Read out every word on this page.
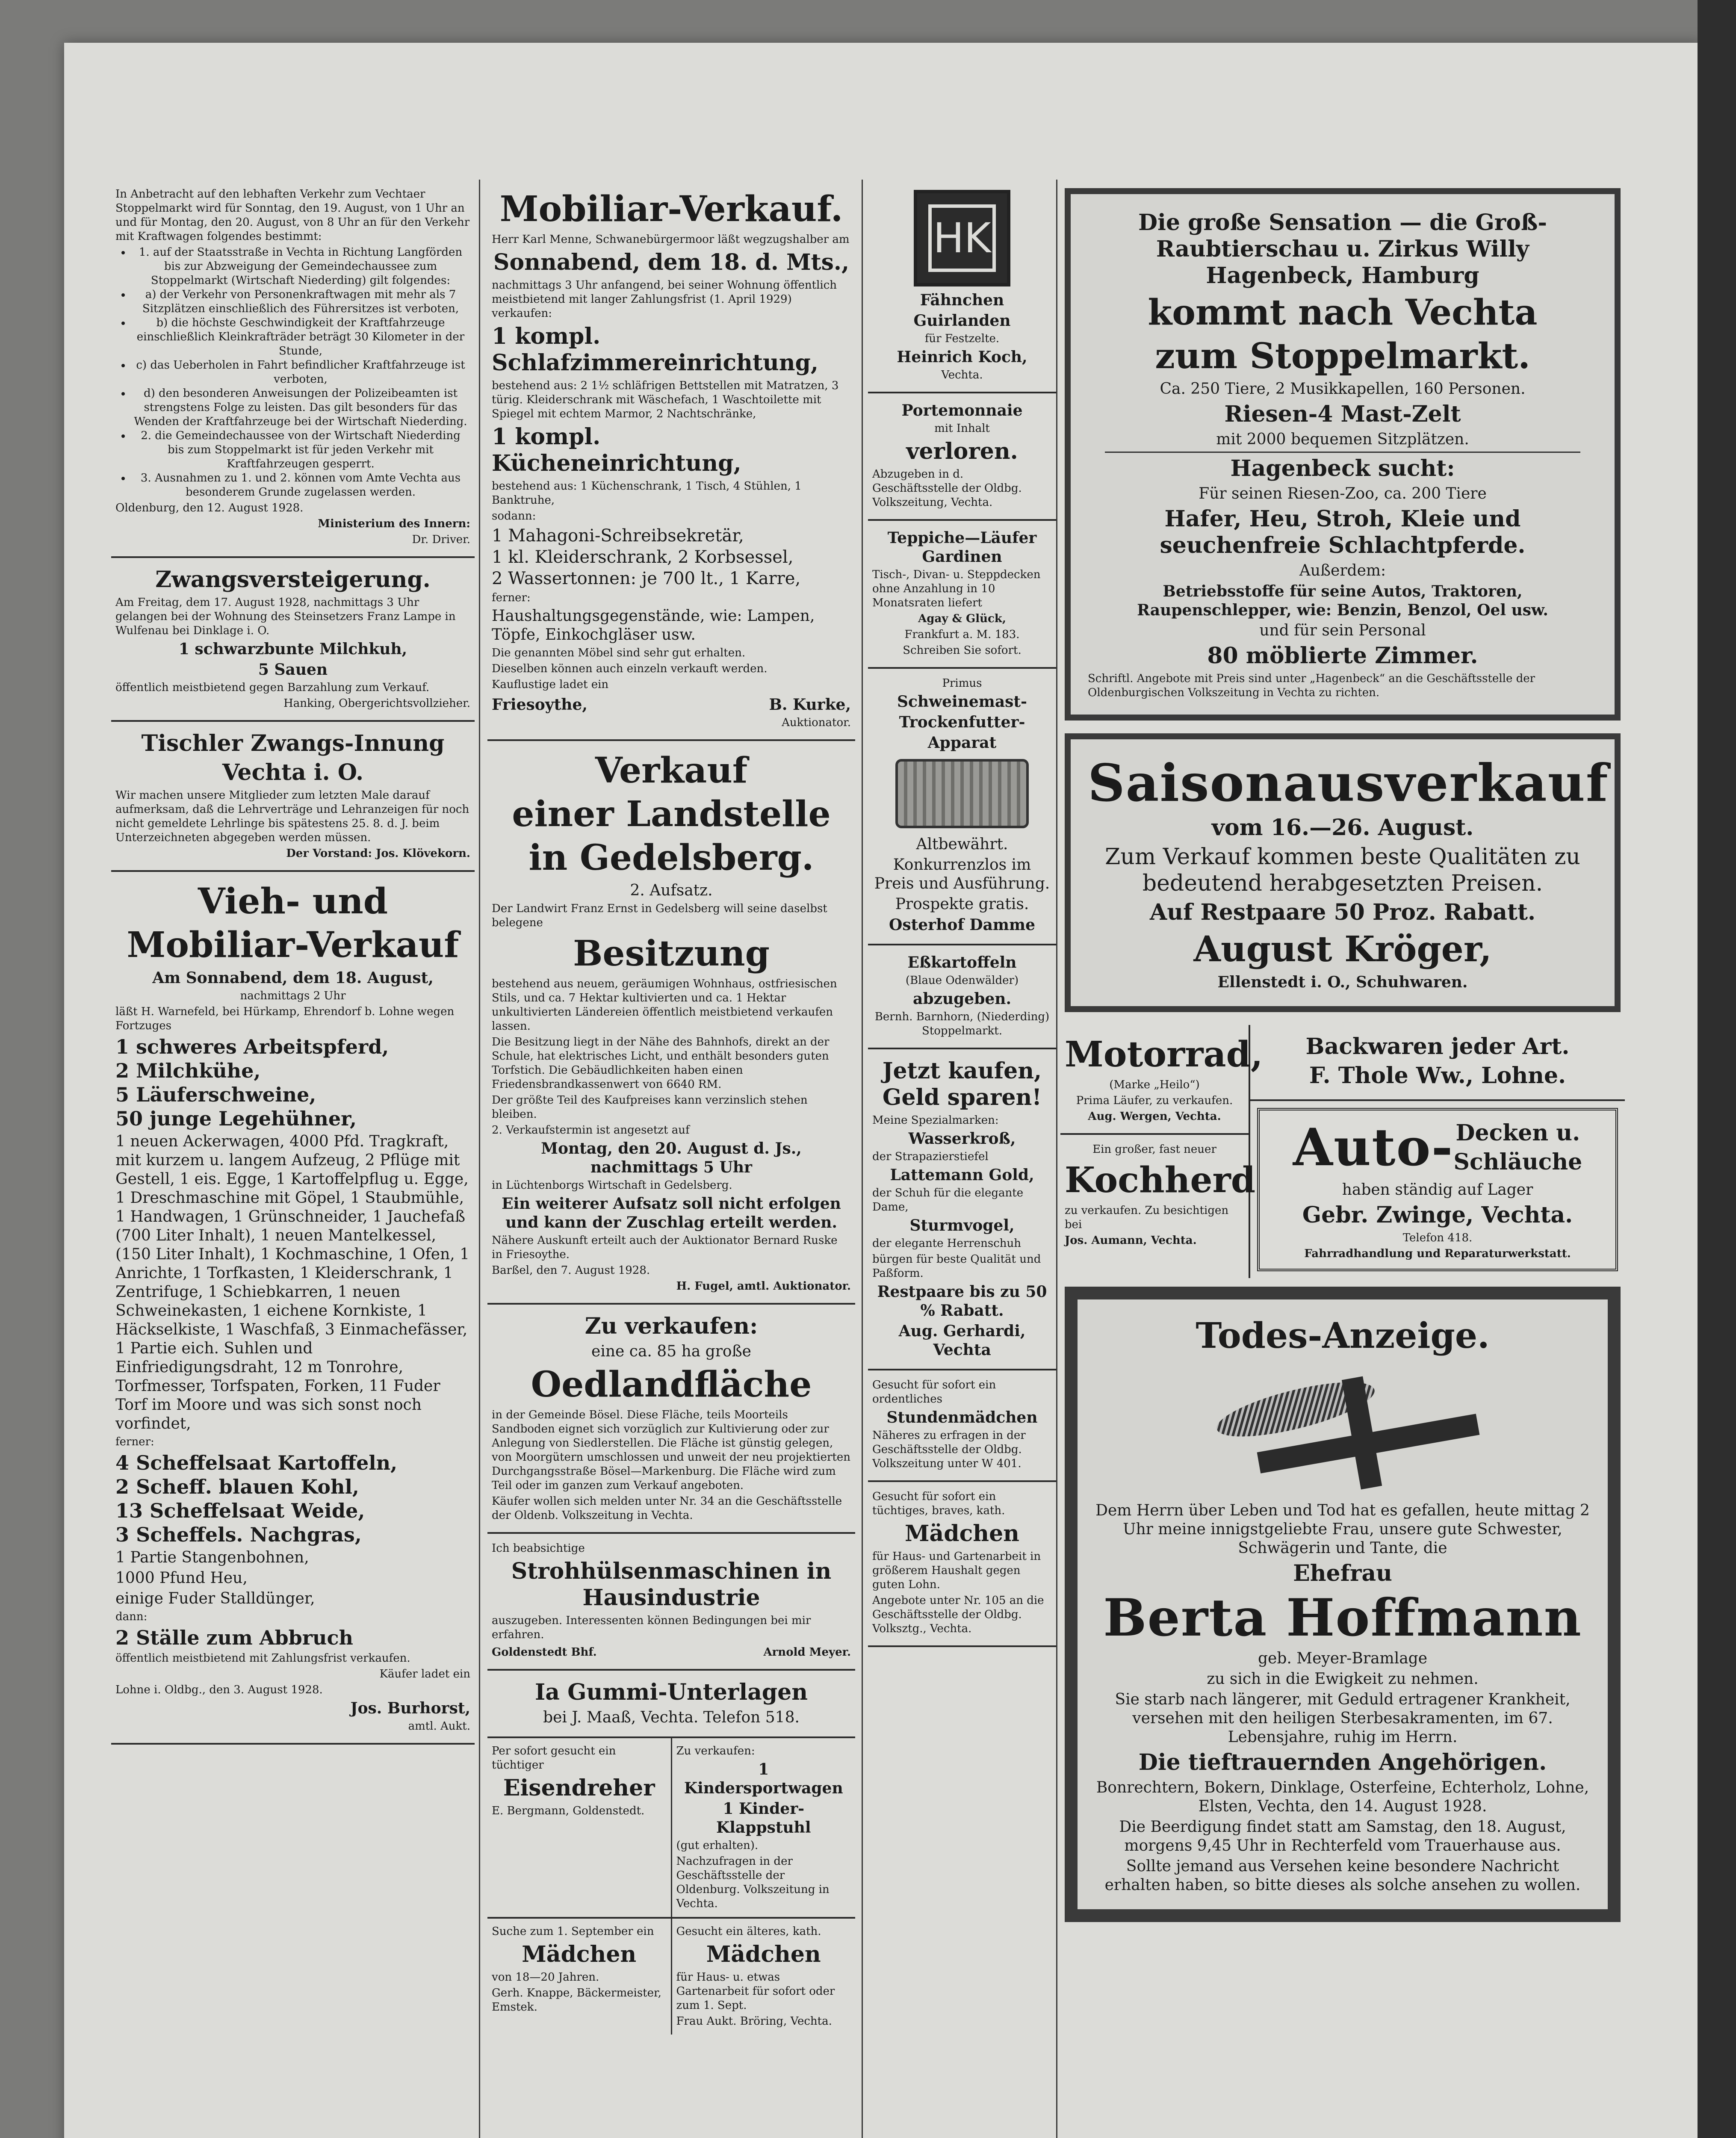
In Anbetracht auf den lebhaften Verkehr zum Vechtaer Stoppelmarkt wird für Sonntag, den 19. August, von 1 Uhr an und für Montag, den 20. August, von 8 Uhr an für den Verkehr mit Kraftwagen folgendes bestimmt:

• 1. auf der Staatsstraße in Vechta in Richtung Langförden bis zur Abzweigung der Gemeindechaussee zum Stoppelmarkt (Wirtschaft Niederding) gilt folgendes:
• a) der Verkehr von Personenkraftwagen mit mehr als 7 Sitzplätzen einschließlich des Führersitzes ist verboten,
• b) die höchste Geschwindigkeit der Kraftfahrzeuge einschließlich Kleinkrafträder beträgt 30 Kilometer in der Stunde,
• c) das Ueberholen in Fahrt befindlicher Kraftfahrzeuge ist verboten,
• d) den besonderen Anweisungen der Polizeibeamten ist strengstens Folge zu leisten. Das gilt besonders für das Wenden der Kraftfahrzeuge bei der Wirtschaft Niederding.
• 2. die Gemeindechaussee von der Wirtschaft Niederding bis zum Stoppelmarkt ist für jeden Verkehr mit Kraftfahrzeugen gesperrt.
• 3. Ausnahmen zu 1. und 2. können vom Amte Vechta aus besonderem Grunde zugelassen werden.

Oldenburg, den 12. August 1928.

Ministerium des Innern:

Dr. Driver.

Zwangsversteigerung.

Am Freitag, dem 17. August 1928, nachmittags 3 Uhr gelangen bei der Wohnung des Steinsetzers Franz Lampe in Wulfenau bei Dinklage i. O.

1 schwarzbunte Milchkuh,
5 Sauen

öffentlich meistbietend gegen Barzahlung zum Verkauf.

Hanking, Obergerichtsvollzieher.

Tischler Zwangs-Innung
Vechta i. O.

Wir machen unsere Mitglieder zum letzten Male darauf aufmerksam, daß die Lehrverträge und Lehranzeigen für noch nicht gemeldete Lehrlinge bis spätestens 25. 8. d. J. beim Unterzeichneten abgegeben werden müssen.

Der Vorstand: Jos. Klövekorn.

Vieh- und
Mobiliar-Verkauf
Am Sonnabend, dem 18. August,
nachmittags 2 Uhr

läßt H. Warnefeld, bei Hürkamp, Ehrendorf b. Lohne wegen Fortzuges

1 schweres Arbeitspferd,
2 Milchkühe,
5 Läuferschweine,
50 junge Legehühner,

1 neuen Ackerwagen, 4000 Pfd. Tragkraft, mit kurzem u. langem Aufzeug, 2 Pflüge mit Gestell, 1 eis. Egge, 1 Kartoffelpflug u. Egge, 1 Dreschmaschine mit Göpel, 1 Staubmühle, 1 Handwagen, 1 Grünschneider, 1 Jauchefaß (700 Liter Inhalt), 1 neuen Mantelkessel, (150 Liter Inhalt), 1 Kochmaschine, 1 Ofen, 1 Anrichte, 1 Torfkasten, 1 Kleiderschrank, 1 Zentrifuge, 1 Schiebkarren, 1 neuen Schweinekasten, 1 eichene Kornkiste, 1 Häckselkiste, 1 Waschfaß, 3 Einmachefässer, 1 Partie eich. Suhlen und Einfriedigungsdraht, 12 m Tonrohre, Torfmesser, Torfspaten, Forken, 11 Fuder Torf im Moore und was sich sonst noch vorfindet,

ferner:

4 Scheffelsaat Kartoffeln,
2 Scheff. blauen Kohl,
13 Scheffelsaat Weide,
3 Scheffels. Nachgras,
1 Partie Stangenbohnen,
1000 Pfund Heu,
einige Fuder Stalldünger,

dann:

2 Ställe zum Abbruch

öffentlich meistbietend mit Zahlungsfrist verkaufen.

Käufer ladet ein

Lohne i. Oldbg., den 3. August 1928.

Jos. Burhorst,
amtl. Aukt.
Mobiliar-Verkauf.

Herr Karl Menne, Schwanebürgermoor läßt wegzugshalber am

Sonnabend, dem 18. d. Mts.,

nachmittags 3 Uhr anfangend, bei seiner Wohnung öffentlich meistbietend mit langer Zahlungsfrist (1. April 1929) verkaufen:

1 kompl. Schlafzimmereinrichtung,

bestehend aus: 2 1½ schläfrigen Bettstellen mit Matratzen, 3 türig. Kleiderschrank mit Wäschefach, 1 Waschtoilette mit Spiegel mit echtem Marmor, 2 Nachtschränke,

1 kompl. Kücheneinrichtung,

bestehend aus: 1 Küchenschrank, 1 Tisch, 4 Stühlen, 1 Banktruhe,

sodann:

1 Mahagoni-Schreibsekretär,
1 kl. Kleiderschrank, 2 Korbsessel,
2 Wassertonnen: je 700 lt., 1 Karre,

ferner:

Haushaltungsgegenstände, wie: Lampen, Töpfe, Einkochgläser usw.

Die genannten Möbel sind sehr gut erhalten.

Dieselben können auch einzeln verkauft werden.

Kauflustige ladet ein

Friesoythe,	B. Kurke,
Auktionator.
Verkauf
einer Landstelle
in Gedelsberg.
2. Aufsatz.

Der Landwirt Franz Ernst in Gedelsberg will seine daselbst belegene

Besitzung

bestehend aus neuem, geräumigen Wohnhaus, ostfriesischen Stils, und ca. 7 Hektar kultivierten und ca. 1 Hektar unkultivierten Ländereien öffentlich meistbietend verkaufen lassen.

Die Besitzung liegt in der Nähe des Bahnhofs, direkt an der Schule, hat elektrisches Licht, und enthält besonders guten Torfstich. Die Gebäudlichkeiten haben einen Friedensbrandkassenwert von 6640 RM.

Der größte Teil des Kaufpreises kann verzinslich stehen bleiben.

2. Verkaufstermin ist angesetzt auf

Montag, den 20. August d. Js., nachmittags 5 Uhr

in Lüchtenborgs Wirtschaft in Gedelsberg.

Ein weiterer Aufsatz soll nicht erfolgen und kann der Zuschlag erteilt werden.

Nähere Auskunft erteilt auch der Auktionator Bernard Ruske in Friesoythe.

Barßel, den 7. August 1928.

H. Fugel, amtl. Auktionator.

Zu verkaufen:
eine ca. 85 ha große
Oedlandfläche

in der Gemeinde Bösel. Diese Fläche, teils Moorteils Sandboden eignet sich vorzüglich zur Kultivierung oder zur Anlegung von Siedlerstellen. Die Fläche ist günstig gelegen, von Moorgütern umschlossen und unweit der neu projektierten Durchgangsstraße Bösel—Markenburg. Die Fläche wird zum Teil oder im ganzen zum Verkauf angeboten.

Käufer wollen sich melden unter Nr. 34 an die Geschäftsstelle der Oldenb. Volkszeitung in Vechta.

Ich beabsichtige

Strohhülsenmaschinen in Hausindustrie

auszugeben. Interessenten können Bedingungen bei mir erfahren.

Goldenstedt Bhf.	Arnold Meyer.
Ia Gummi-Unterlagen
bei J. Maaß, Vechta. Telefon 518.

Per sofort gesucht ein tüchtiger

Eisendreher

E. Bergmann, Goldenstedt.

Zu verkaufen:

1 Kindersportwagen
1 Kinder-Klappstuhl
(gut erhalten).

Nachzufragen in der Geschäftsstelle der Oldenburg. Volkszeitung in Vechta.

Suche zum 1. September ein

Mädchen

von 18—20 Jahren.

Gerh. Knappe, Bäckermeister, Emstek.

Gesucht ein älteres, kath.

Mädchen

für Haus- u. etwas Gartenarbeit für sofort oder zum 1. Sept.

Frau Aukt. Bröring, Vechta.

HK
Fähnchen
Guirlanden
für Festzelte.
Heinrich Koch,
Vechta.
Portemonnaie
mit Inhalt
verloren.

Abzugeben in d. Geschäftsstelle der Oldbg. Volkszeitung, Vechta.

Teppiche—Läufer Gardinen

Tisch-, Divan- u. Steppdecken ohne Anzahlung in 10 Monatsraten liefert

Agay & Glück,
Frankfurt a. M. 183.
Schreiben Sie sofort.
Primus
Schweinemast-
Trockenfutter-
Apparat
Altbewährt.
Konkurrenzlos im Preis und Ausführung.
Prospekte gratis.
Osterhof Damme
Eßkartoffeln
(Blaue Odenwälder)
abzugeben.

Bernh. Barnhorn, (Niederding) Stoppelmarkt.

Jetzt kaufen, Geld sparen!

Meine Spezialmarken:

Wasserkroß,

der Strapazierstiefel

Lattemann Gold,

der Schuh für die elegante Dame,

Sturmvogel,

der elegante Herrenschuh

bürgen für beste Qualität und Paßform.

Restpaare bis zu 50 % Rabatt.
Aug. Gerhardi, Vechta

Gesucht für sofort ein ordentliches

Stundenmädchen

Näheres zu erfragen in der Geschäftsstelle der Oldbg. Volkszeitung unter W 401.

Gesucht für sofort ein tüchtiges, braves, kath.

Mädchen

für Haus- und Gartenarbeit in größerem Haushalt gegen guten Lohn.

Angebote unter Nr. 105 an die Geschäftsstelle der Oldbg. Volksztg., Vechta.

Die große Sensation — die Groß-Raubtierschau u. Zirkus Willy Hagenbeck, Hamburg
kommt nach Vechta
zum Stoppelmarkt.
Ca. 250 Tiere, 2 Musikkapellen, 160 Personen.
Riesen-4 Mast-Zelt
mit 2000 bequemen Sitzplätzen.
Hagenbeck sucht:
Für seinen Riesen-Zoo, ca. 200 Tiere
Hafer, Heu, Stroh, Kleie und seuchenfreie Schlachtpferde.
Außerdem:
Betriebsstoffe für seine Autos, Traktoren, Raupenschlepper, wie: Benzin, Benzol, Oel usw.
und für sein Personal
80 möblierte Zimmer.

Schriftl. Angebote mit Preis sind unter „Hagenbeck“ an die Geschäftsstelle der Oldenburgischen Volkszeitung in Vechta zu richten.

Saisonausverkauf
vom 16.—26. August.
Zum Verkauf kommen beste Qualitäten zu bedeutend herabgesetzten Preisen.
Auf Restpaare 50 Proz. Rabatt.
August Kröger,
Ellenstedt i. O., Schuhwaren.
Motorrad,
(Marke „Heilo“)
Prima Läufer, zu verkaufen.
Aug. Wergen, Vechta.
Ein großer, fast neuer
Kochherd
zu verkaufen. Zu besichtigen bei
Jos. Aumann, Vechta.
Backwaren jeder Art.
F. Thole Ww., Lohne.
Auto- Decken u.
Schläuche
haben ständig auf Lager
Gebr. Zwinge, Vechta.
Telefon 418.
Fahrradhandlung und Reparaturwerkstatt.
Todes-Anzeige.

Dem Herrn über Leben und Tod hat es gefallen, heute mittag 2 Uhr meine innigstgeliebte Frau, unsere gute Schwester, Schwägerin und Tante, die

Ehefrau
Berta Hoffmann
geb. Meyer-Bramlage

zu sich in die Ewigkeit zu nehmen.

Sie starb nach längerer, mit Geduld ertragener Krankheit, versehen mit den heiligen Sterbesakramenten, im 67. Lebensjahre, ruhig im Herrn.

Die tieftrauernden Angehörigen.

Bonrechtern, Bokern, Dinklage, Osterfeine, Echterholz, Lohne, Elsten, Vechta, den 14. August 1928.

Die Beerdigung findet statt am Samstag, den 18. August, morgens 9,45 Uhr in Rechterfeld vom Trauerhause aus.

Sollte jemand aus Versehen keine besondere Nachricht erhalten haben, so bitte dieses als solche ansehen zu wollen.
